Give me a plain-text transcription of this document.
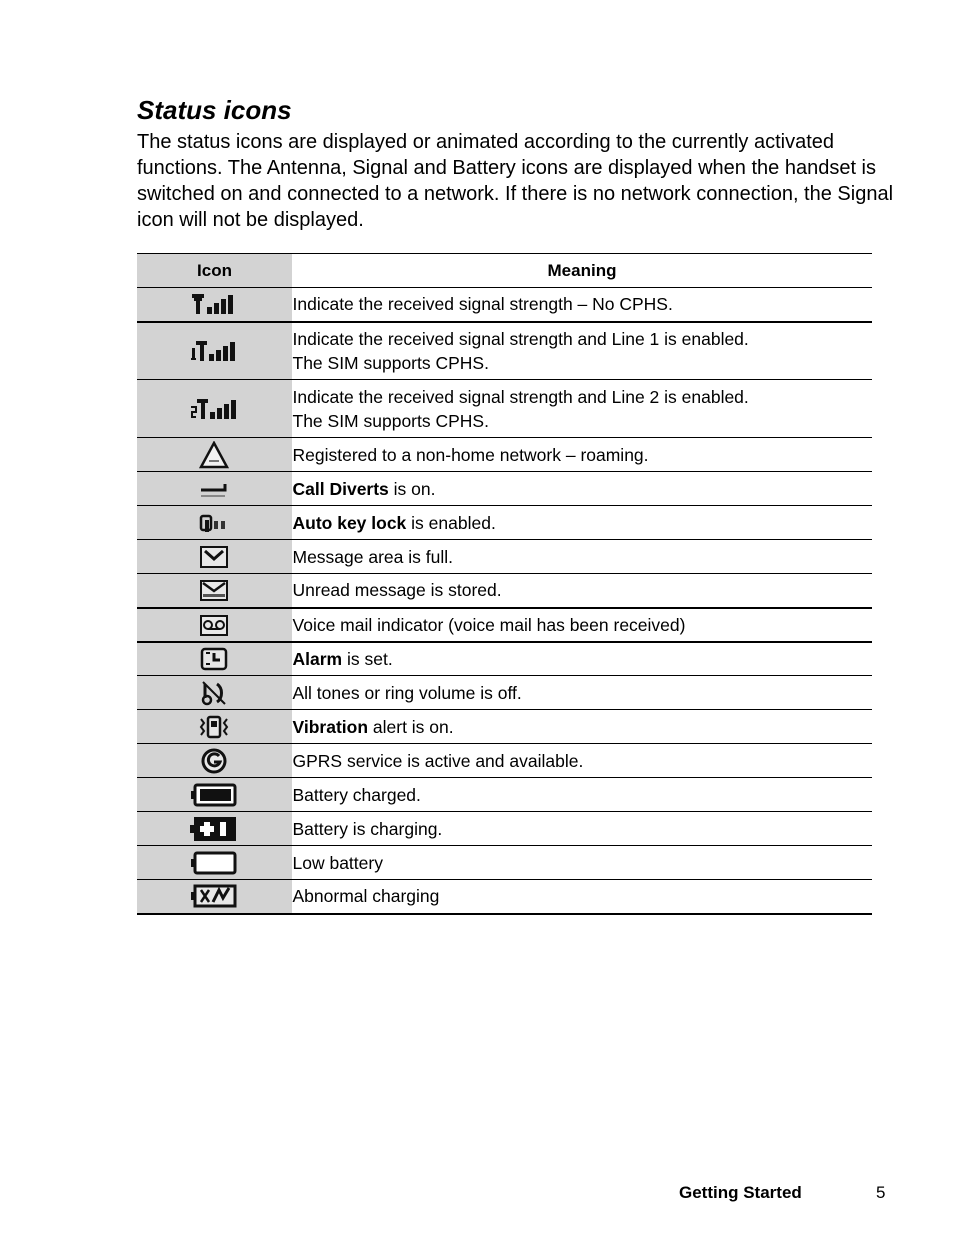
Status icons

The status icons are displayed or animated according to the currently activated functions. The Antenna, Signal and Battery icons are displayed when the handset is switched on and connected to a network. If there is no network connection, the Signal icon will not be displayed.

Icon	Meaning

	Indicate the received signal strength – No CPHS.

	Indicate the received signal strength and Line 1 is enabled.
The SIM supports CPHS.

	Indicate the received signal strength and Line 2 is enabled.
The SIM supports CPHS.

	Registered to a non-home network – roaming.

	Call Diverts is on.

	Auto key lock is enabled.

	Message area is full.

	Unread message is stored.

	Voice mail indicator (voice mail has been received)

	Alarm is set.

	All tones or ring volume is off.

	Vibration alert is on.

	GPRS service is active and available.

	Battery charged.

	Battery is charging.

	Low battery

	Abnormal charging

Getting Started	5
